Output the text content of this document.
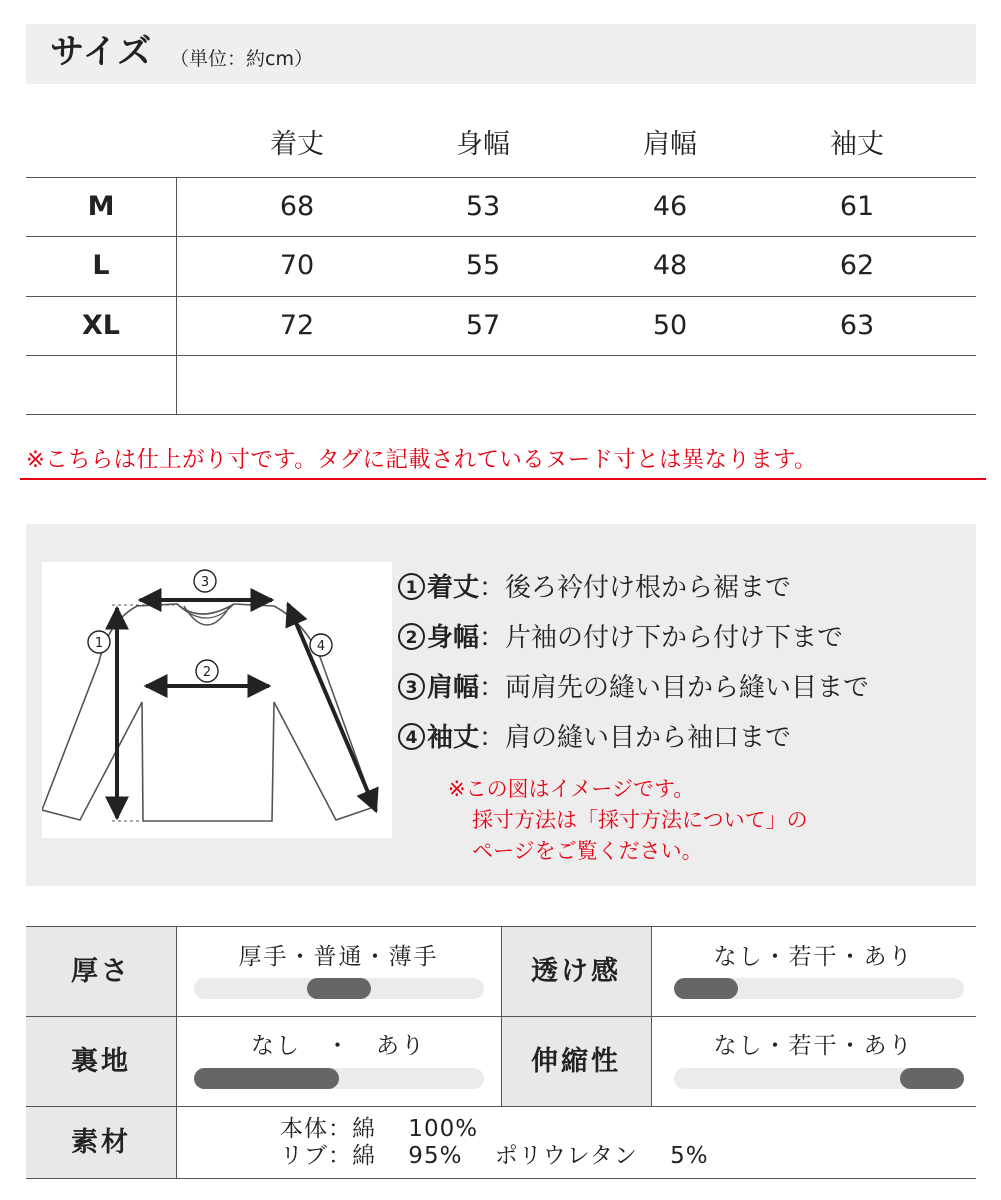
サイズ （単位：約cm）
着丈	身幅	肩幅	袖丈
M	68	53	46	61
L	70	55	48	62
XL	72	57	50	63
※こちらは仕上がり寸です。タグに記載されているヌード寸とは異なります。
1
2
3
4
1 着丈：後ろ衿付け根から裾まで
2 身幅：片袖の付け下から付け下まで
3 肩幅：両肩先の縫い目から縫い目まで
4 袖丈：肩の縫い目から袖口まで
※この図はイメージです。
採寸方法は「採寸方法について」の
ページをご覧ください。
厚さ	厚手・普通・薄手	透け感	なし・若干・あり
裏地	なし　・　あり	伸縮性	なし・若干・あり
素材	本体：綿　 100%
リブ：綿　 95%　 ポリウレタン　 5%
